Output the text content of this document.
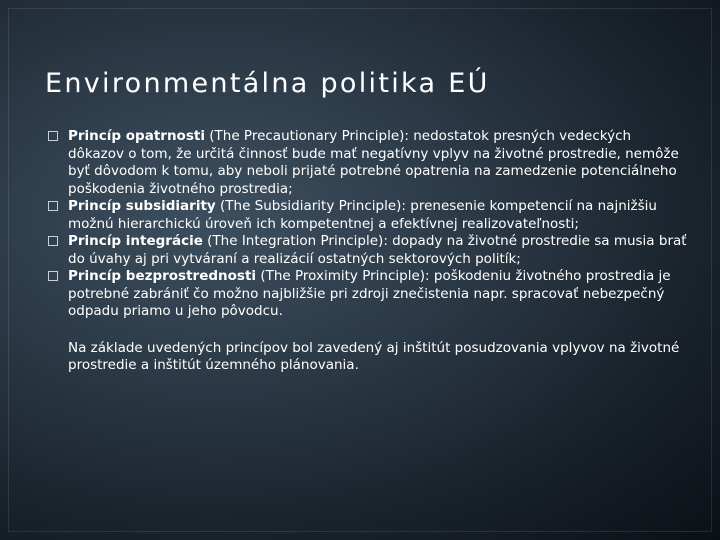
Environmentálna politika EÚ
Princíp opatrnosti (The Precautionary Principle): nedostatok presných vedeckých dôkazov o tom, že určitá činnosť bude mať negatívny vplyv na životné prostredie, nemôže byť dôvodom k tomu, aby neboli prijaté potrebné opatrenia na zamedzenie potenciálneho poškodenia životného prostredia;
Princíp subsidiarity (The Subsidiarity Principle): prenesenie kompetencií na najnižšiu možnú hierarchickú úroveň ich kompetentnej a efektívnej realizovateľnosti;
Princíp integrácie (The Integration Principle): dopady na životné prostredie sa musia brať do úvahy aj pri vytváraní a realizácií ostatných sektorových politík;
Princíp bezprostrednosti (The Proximity Principle): poškodeniu životného prostredia je potrebné zabrániť čo možno najbližšie pri zdroji znečistenia napr. spracovať nebezpečný odpadu priamo u jeho pôvodcu.

Na základe uvedených princípov bol zavedený aj inštitút posudzovania vplyvov na životné prostredie a inštitút územného plánovania.
